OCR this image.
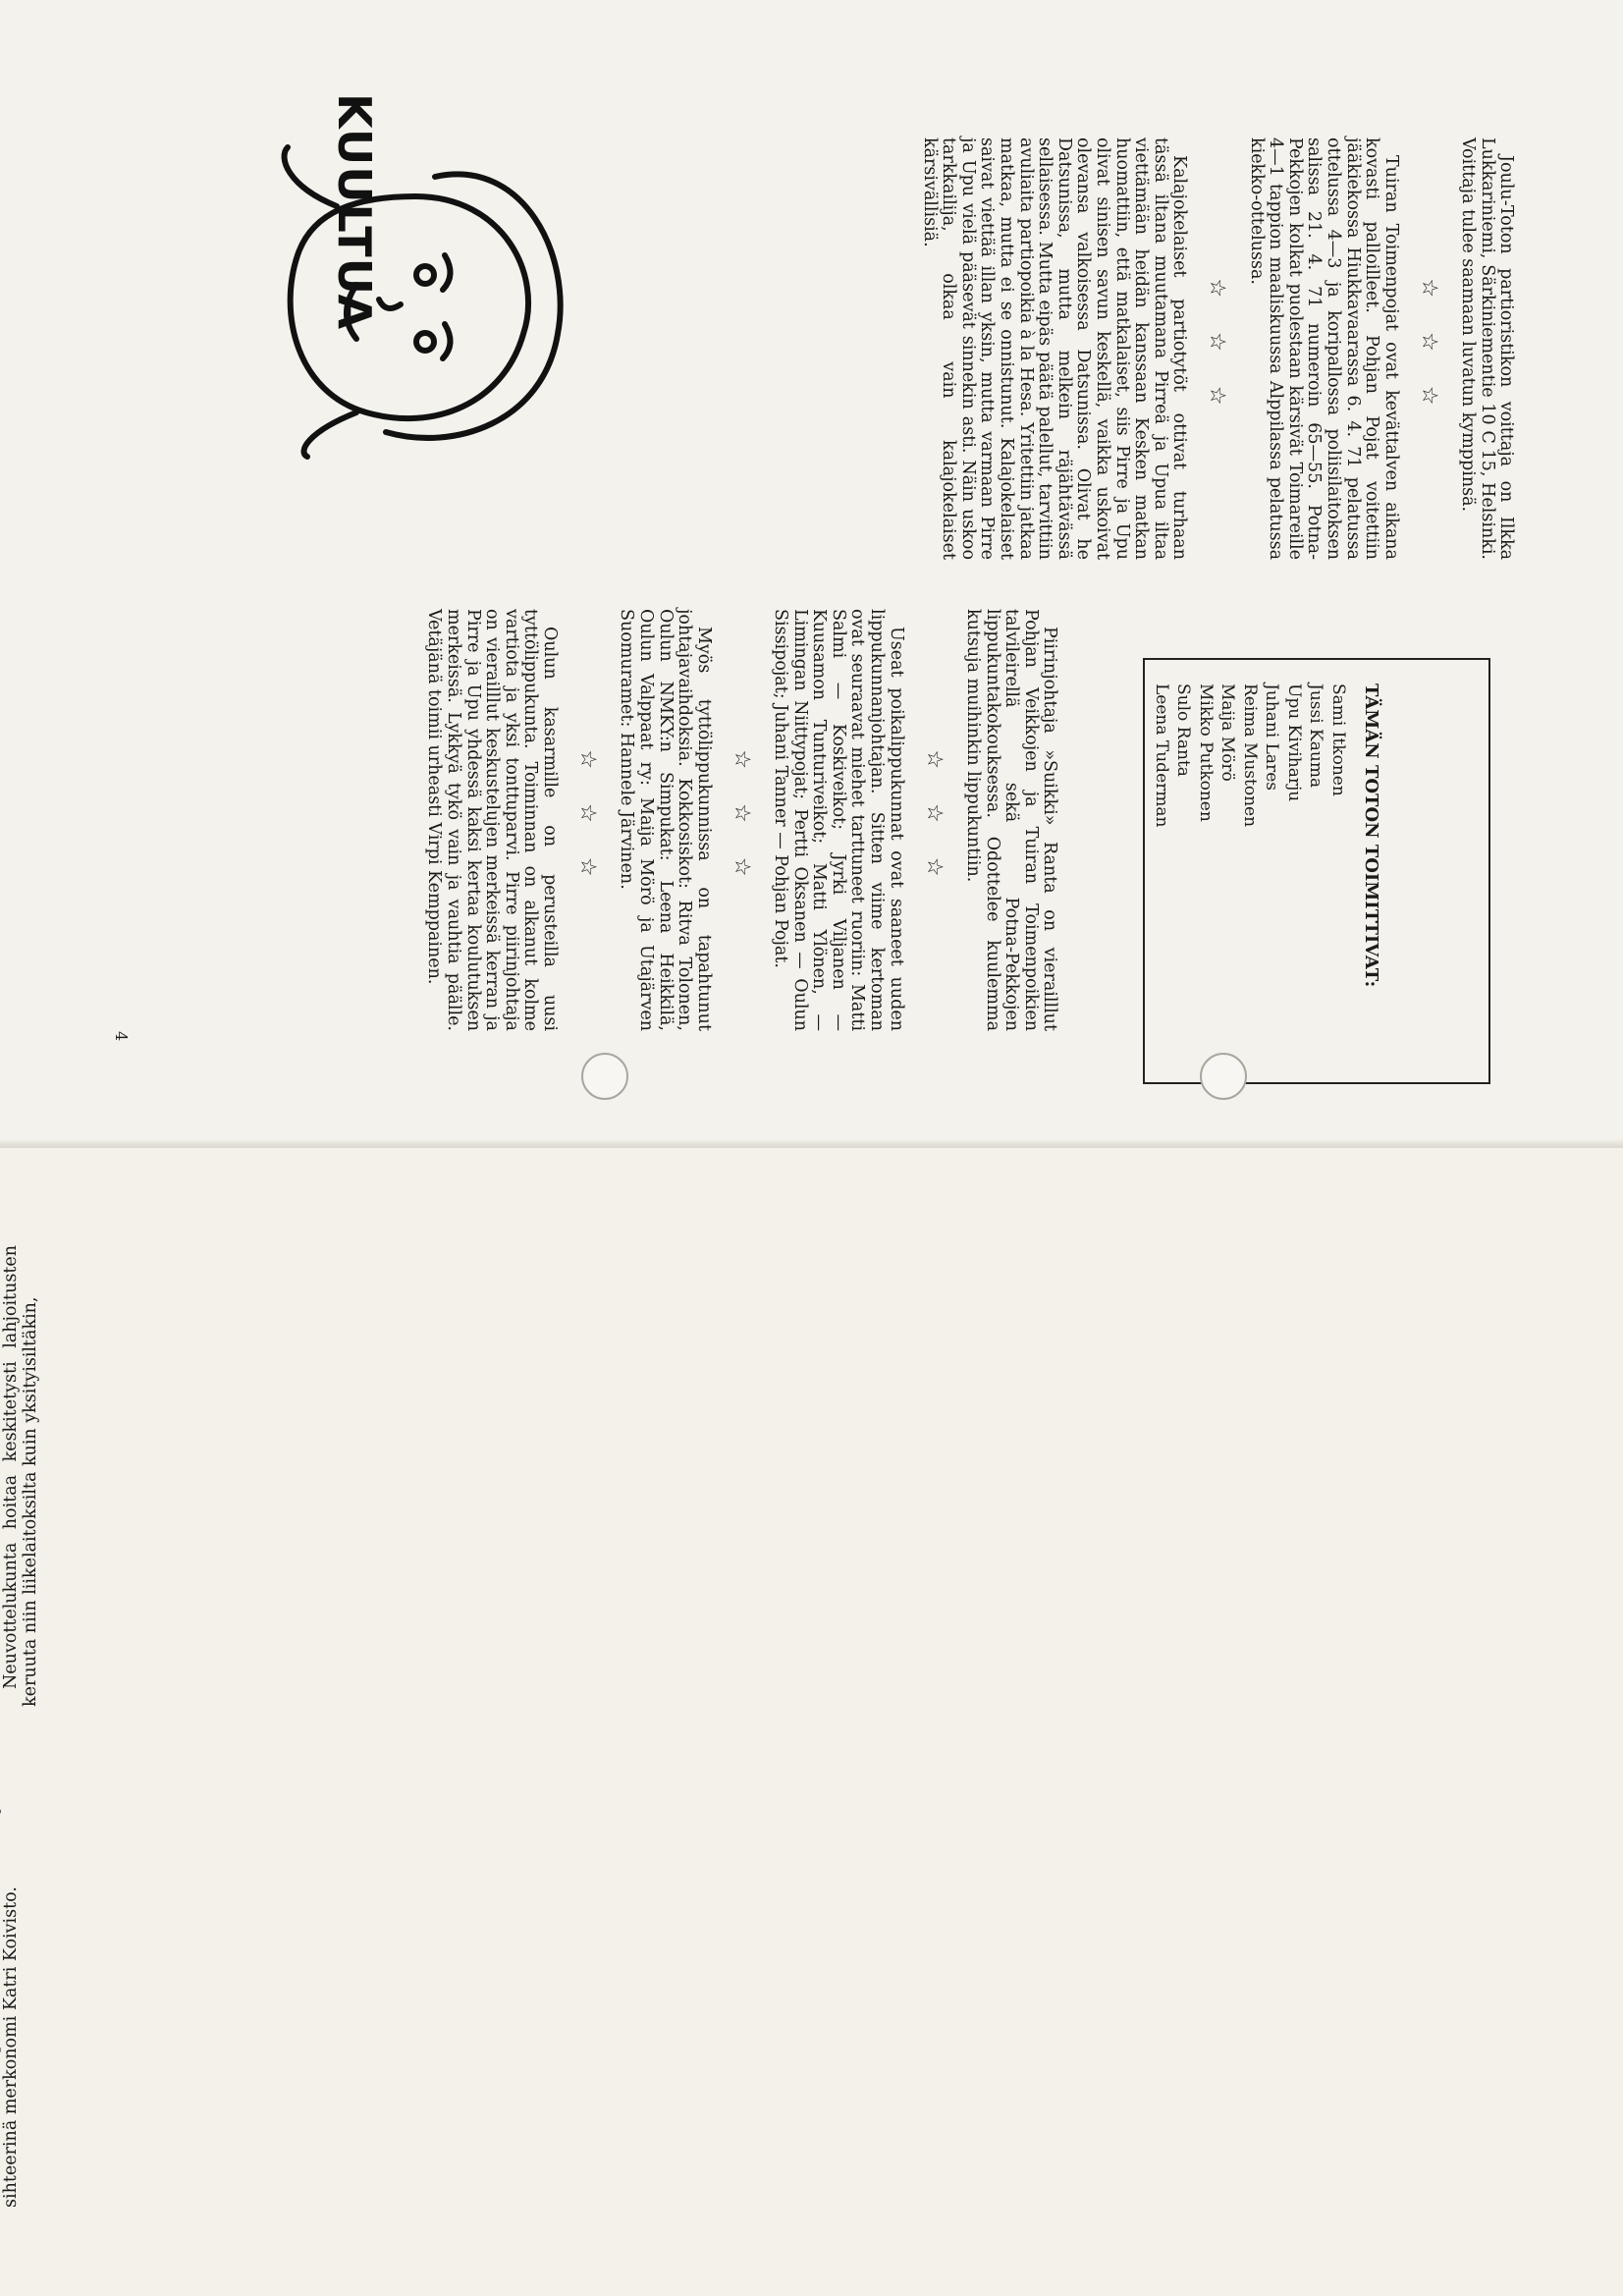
KUULTUA	Joulu-Toton partioristikon voittaja on Ilkka Lukkariniemi, Särkiniementie 10 C 15, Helsinki. Voittaja tulee saamaan luvatun kymppinsä.

☆ ☆ ☆

Tuiran Toimenpojat ovat kevättalven aikana kovasti palloilleet. Pohjan Pojat voitettiin jääkiekossa Hiukkavaarassa 6. 4. 71 pelatussa ottelussa 4—3 ja koripallossa poliisilaitoksen salissa 21. 4. 71 numeroin 65—55. Potna-Pekkojen kolkat puolestaan kärsivät Toimareille 4—1 tappion maaliskuussa Alppilassa pelatussa kiekko-ottelussa.

☆ ☆ ☆

Kalajokelaiset partiotytöt ottivat turhaan tässä iltana muutamana Pirreä ja Upua iltaa viettämään heidän kanssaan Kesken matkan huomattiin, että matkalaiset, siis Pirre ja Upu olivat sinisen savun keskellä, vaikka uskoivat olevansa valkoisessa Datsunissa. Olivat he Datsunissa, mutta melkein räjähtävässä sellaisessa. Mutta eipäs päätä palellut, tarvittiin avuliaita partiopoikia à la Hesa. Yritettiin jatkaa matkaa, mutta ei se onnistunut. Kalajokelaiset saivat viettää illan yksin, mutta varmaan Pirre ja Upu vielä pääsevät sinnekin asti. Näin uskoo tarkkailija, olkaa vain kalajokelaiset kärsivällisiä.

Piirinjohtaja »Suikki» Ranta on vierailllut Pohjan Veikkojen ja Tuiran Toimenpoikien talvileirellä sekä Potna-Pekkojen lippukuntakokouksessa. Odottelee kuulemma kutsuja muihinkin lippukuntiin.

☆ ☆ ☆

Useat poikalippukunnat ovat saaneet uuden lippukunnanjohtajan. Sitten viime kertoman ovat seuraavat miehet tarttuneet ruoriin: Matti Salmi — Koskiveikot; Jyrki Viljanen — Kuusamon Tunturiveikot; Matti Ylönen, — Limingan Niittypojat; Pertti Oksanen — Oulun Sissipojat; Juhani Tanner — Pohjan Pojat.

☆ ☆ ☆

Myös tyttölippukunnissa on tapahtunut johtajavaihdoksia. Kokkosiskot: Ritva Tolonen, Oulun NMKY:n Simpukat: Leena Heikkilä, Oulun Valppaat ry: Maija Mörö ja Utajärven Suomuramet: Hannele Järvinen.

☆ ☆ ☆

Oulun kasarmille on perusteilla uusi tyttölippukunta. Toiminnan on alkanut kolme vartiota ja yksi tonttuparvi. Pirre piirinjohtaja on vierailllut keskustelujen merkeissä kerran ja Pirre ja Upu yhdessä kaksi kertaa koulutuksen merkeissä. Lykkyä tykö vain ja vauhtia päälle. Vetäjänä toimii urheasti Virpi Kemppainen.	TÄMÄN TOTON TOIMITTIVAT:
Sami Itkonen
Jussi Kauma
Upu Kiviharju
Juhani Lares
Reima Mustonen
Maija Mörö
Mikko Putkonen
Sulo Ranta
Leena Tuderman
4

sihteerinä merkonomi Katri Koivisto.

Neuvottelukunta hoitaa keskitetysti lahjoitusten keruuta niin liikelaitoksilta kuin yksityisiltäkin,
